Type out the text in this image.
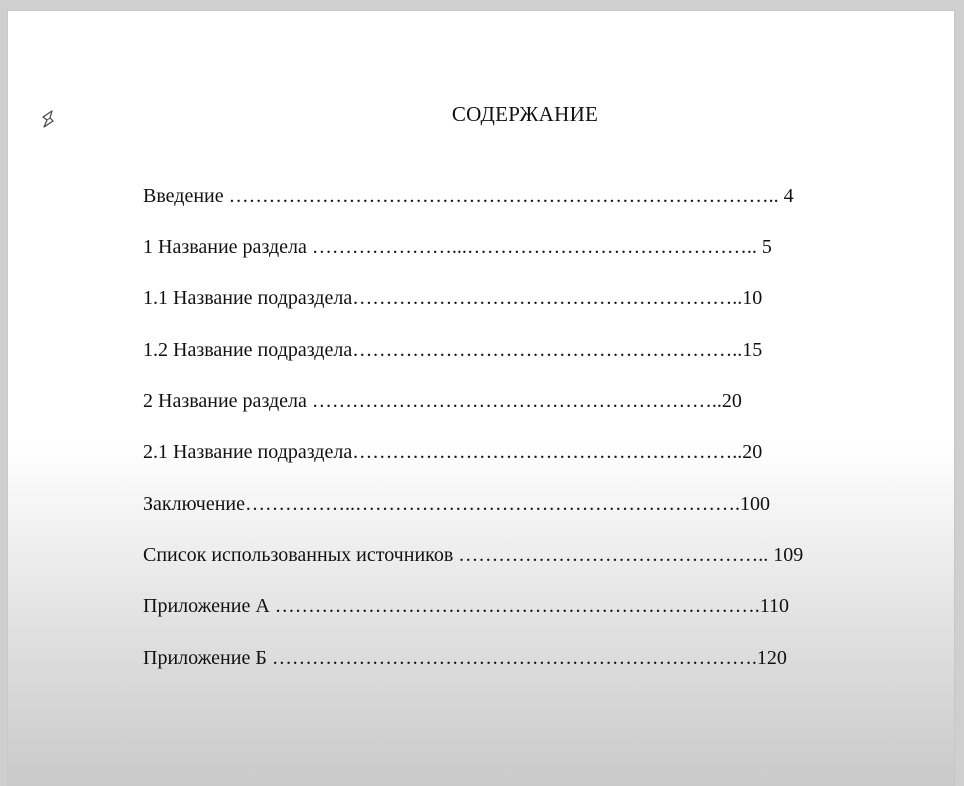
СОДЕРЖАНИЕ
Введение ……………………………………………………………………….. 4
1 Название раздела …………………...…………………………………….. 5
1.1 Название подраздела…………………………………………………..10
1.2 Название подраздела…………………………………………………..15
2 Название раздела ……………………………………………………..20
2.1 Название подраздела…………………………………………………..20
Заключение……………..………………………………………………….100
Список использованных источников ……………………………………….. 109
Приложение А ……………………………………………………………….110
Приложение Б ……………………………………………………………….120
